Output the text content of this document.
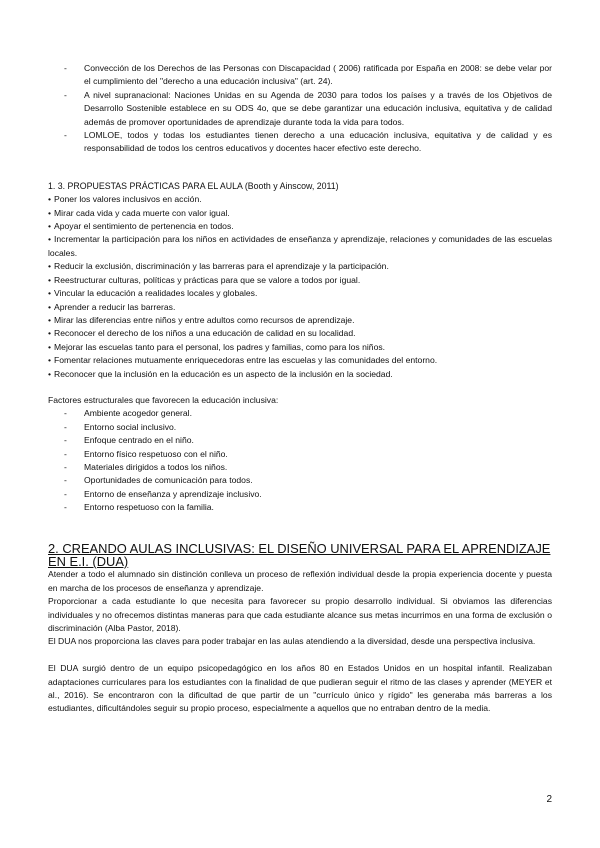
- Convección de los Derechos de las Personas con Discapacidad ( 2006) ratificada por España en 2008: se debe velar por el cumplimiento del "derecho a una educación inclusiva" (art. 24).
- A nivel supranacional: Naciones Unidas en su Agenda de 2030 para todos los países y a través de los Objetivos de Desarrollo Sostenible establece en su ODS 4o, que se debe garantizar una educación inclusiva, equitativa y de calidad además de promover oportunidades de aprendizaje durante toda la vida para todos.
- LOMLOE, todos y todas los estudiantes tienen derecho a una educación inclusiva, equitativa y de calidad y es responsabilidad de todos los centros educativos y docentes hacer efectivo este derecho.
1. 3. PROPUESTAS PRÁCTICAS PARA EL AULA (Booth y Ainscow, 2011)
• Poner los valores inclusivos en acción.
• Mirar cada vida y cada muerte con valor igual.
• Apoyar el sentimiento de pertenencia en todos.
• Incrementar la participación para los niños en actividades de enseñanza y aprendizaje, relaciones y comunidades de las escuelas locales.
• Reducir la exclusión, discriminación y las barreras para el aprendizaje y la participación.
• Reestructurar culturas, políticas y prácticas para que se valore a todos por igual.
• Vincular la educación a realidades locales y globales.
• Aprender a reducir las barreras.
• Mirar las diferencias entre niños y entre adultos como recursos de aprendizaje.
• Reconocer el derecho de los niños a una educación de calidad en su localidad.
• Mejorar las escuelas tanto para el personal, los padres y familias, como para los niños.
• Fomentar relaciones mutuamente enriquecedoras entre las escuelas y las comunidades del entorno.
• Reconocer que la inclusión en la educación es un aspecto de la inclusión en la sociedad.

Factores estructurales que favorecen la educación inclusiva:

- Ambiente acogedor general.
- Entorno social inclusivo.
- Enfoque centrado en el niño.
- Entorno físico respetuoso con el niño.
- Materiales dirigidos a todos los niños.
- Oportunidades de comunicación para todos.
- Entorno de enseñanza y aprendizaje inclusivo.
- Entorno respetuoso con la familia.
2. CREANDO AULAS INCLUSIVAS: EL DISEÑO UNIVERSAL PARA EL APRENDIZAJE EN E.I. (DUA)

Atender a todo el alumnado sin distinción conlleva un proceso de reflexión individual desde la propia experiencia docente y puesta en marcha de los procesos de enseñanza y aprendizaje.

Proporcionar a cada estudiante lo que necesita para favorecer su propio desarrollo individual. Si obviamos las diferencias individuales y no ofrecemos distintas maneras para que cada estudiante alcance sus metas incurrimos en una forma de exclusión o discriminación (Alba Pastor, 2018).

El DUA nos proporciona las claves para poder trabajar en las aulas atendiendo a la diversidad, desde una perspectiva inclusiva.

El DUA surgió dentro de un equipo psicopedagógico en los años 80 en Estados Unidos en un hospital infantil. Realizaban adaptaciones curriculares para los estudiantes con la finalidad de que pudieran seguir el ritmo de las clases y aprender (MEYER et al., 2016). Se encontraron con la dificultad de que partir de un "currículo único y rígido" les generaba más barreras a los estudiantes, dificultándoles seguir su propio proceso, especialmente a aquellos que no entraban dentro de la media.

2
